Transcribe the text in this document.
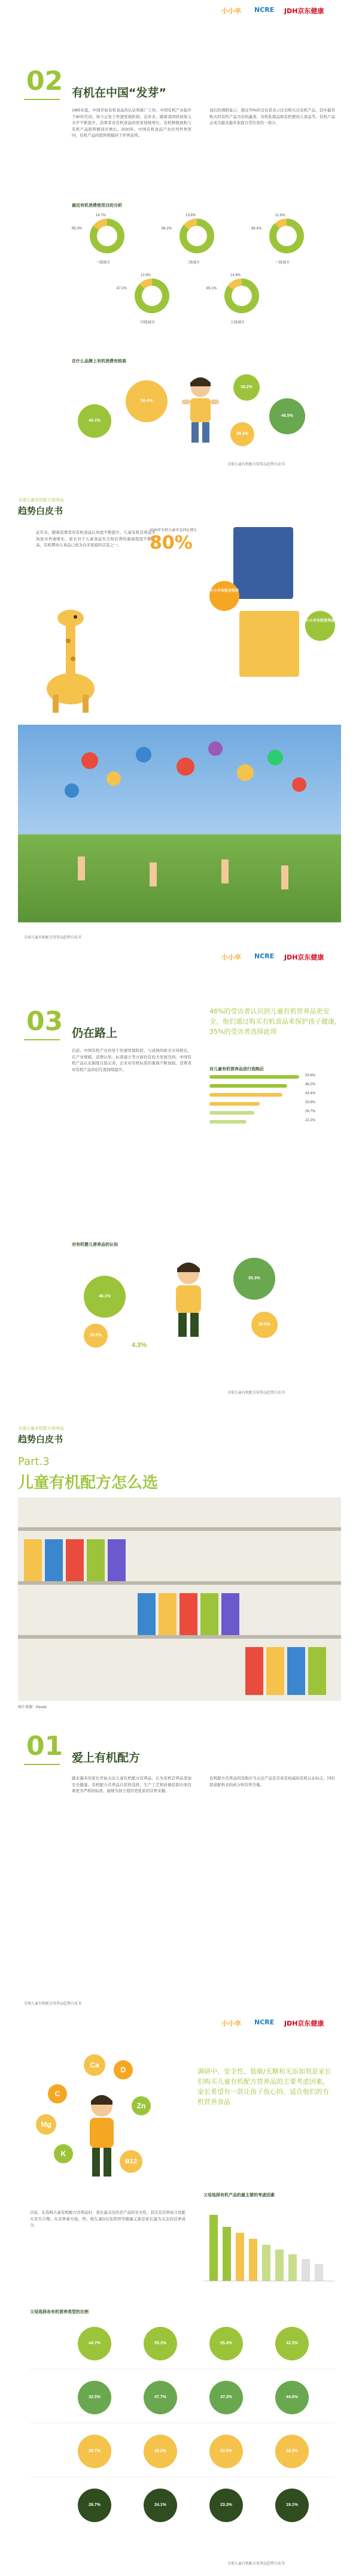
小小卒 NCRE JDH京东健康
02 有机在中国“发芽”
1985年起，中国开始有机食品的认证和推广工作。中国有机产业起步于90年代初，如今正处于快速发展阶段。近年来，随着我国居民收入水平不断提升，消费者对有机食品的需求持续增长，有机种植面积与有机产品销售额同步增长。2020年，中国有机食品产业位列世界第四，有机产品的销售规模居于世界前列。
我们的调研显示，超过70%的受访者表示过去购买过有机产品，其中最常购买的有机产品为有机蔬菜、有机乳制品和有机婴幼儿食品等。有机产品正成为越来越多家庭日常饮食的一部分。
最近有机消费使用目的分析
85.3%
14.7%
一线城市
86.2%
13.8%
二线城市
88.4%
11.6%
三线城市
87.2%
12.8%
四线城市
85.1%
14.9%
五线城市
在什么品牌上有机消费有较高
40.1%
56.4%
38.2%
46.5%
29.1%
全球儿童有机配方营养品趋势白皮书
全球儿童有机配方营养品
趋势白皮书
近年来，随着消费者对有机食品认知度不断提升，儿童有机营养品市场迎来快速增长。家长对于儿童食品安全和营养的重视程度不断提高，有机婴幼儿食品已成为众多家庭的首选之一。
2020年有机儿童零食同比增长
80%
小小卒有机谷物米
小小卒有机营养面
全球儿童有机配方营养品趋势白皮书
小小卒 NCRE JDH京东健康
03 仍在路上
46%的受访者认识到儿童有机营养品更安全，他们通过购买有机食品来保护孩子健康，35%的受访者选择此项
目前，中国有机产业仍处于快速发展阶段，与成熟的欧美市场相比，在产业规模、消费认知、标准建立等方面仍有较大发展空间。中国有机产品认证制度日趋完善，企业对有机标准的重视不断加强，消费者对有机产品的信任度持续提升。	对儿童有机营养品进行选购后
53.6%
46.2%
43.4%
29.9%
26.7%
22.2%
对有机婴儿营养品的认知
46.1%
55.3%
30.0%
30.2%
4.3%
全球儿童有机配方营养品趋势白皮书
全球儿童有机配方营养品
趋势白皮书
Part.3
儿童有机配方怎么选
图片来源：Pexels
01 爱上有机配方
越来越多的家长开始关注儿童有机配方营养品，认为有机营养品更加安全健康。有机配方营养品在原料选择、生产工艺和质量控制方面有着更为严格的标准，能够为孩子提供更优质的营养来源。
有机配方营养品的选购应当关注产品是否具有权威的有机认证标志，同时留意配料表的成分和营养含量。
全球儿童有机配方营养品趋势白皮书
小小卒 NCRE JDH京东健康
Ca
D
C
Mg
K
Zn
B12
调研中，安全性、低敏/无糖和无添加剂是家长们购买儿童有机配方营养品的主要考虑因素，家长希望有一款让孩子放心的、适合他们的有机营养食品
父母选择有机产品的最主要的考虑因素
目前，在选购儿童有机配方营养品时，家长最关注的是产品的安全性，其次是营养成分及配方是否合理。在营养素方面，钙、维生素D以及铁锌等微量元素是家长最为关注的营养成分。
父母选择各有机营养类型的比例
44.7%	55.3%	55.4%	42.3%
32.5%	47.7%	47.3%	44.6%
26.7%	25.3%	22.5%	18.3%
26.7%	24.1%	23.3%	19.1%
全球儿童有机配方营养品趋势白皮书
